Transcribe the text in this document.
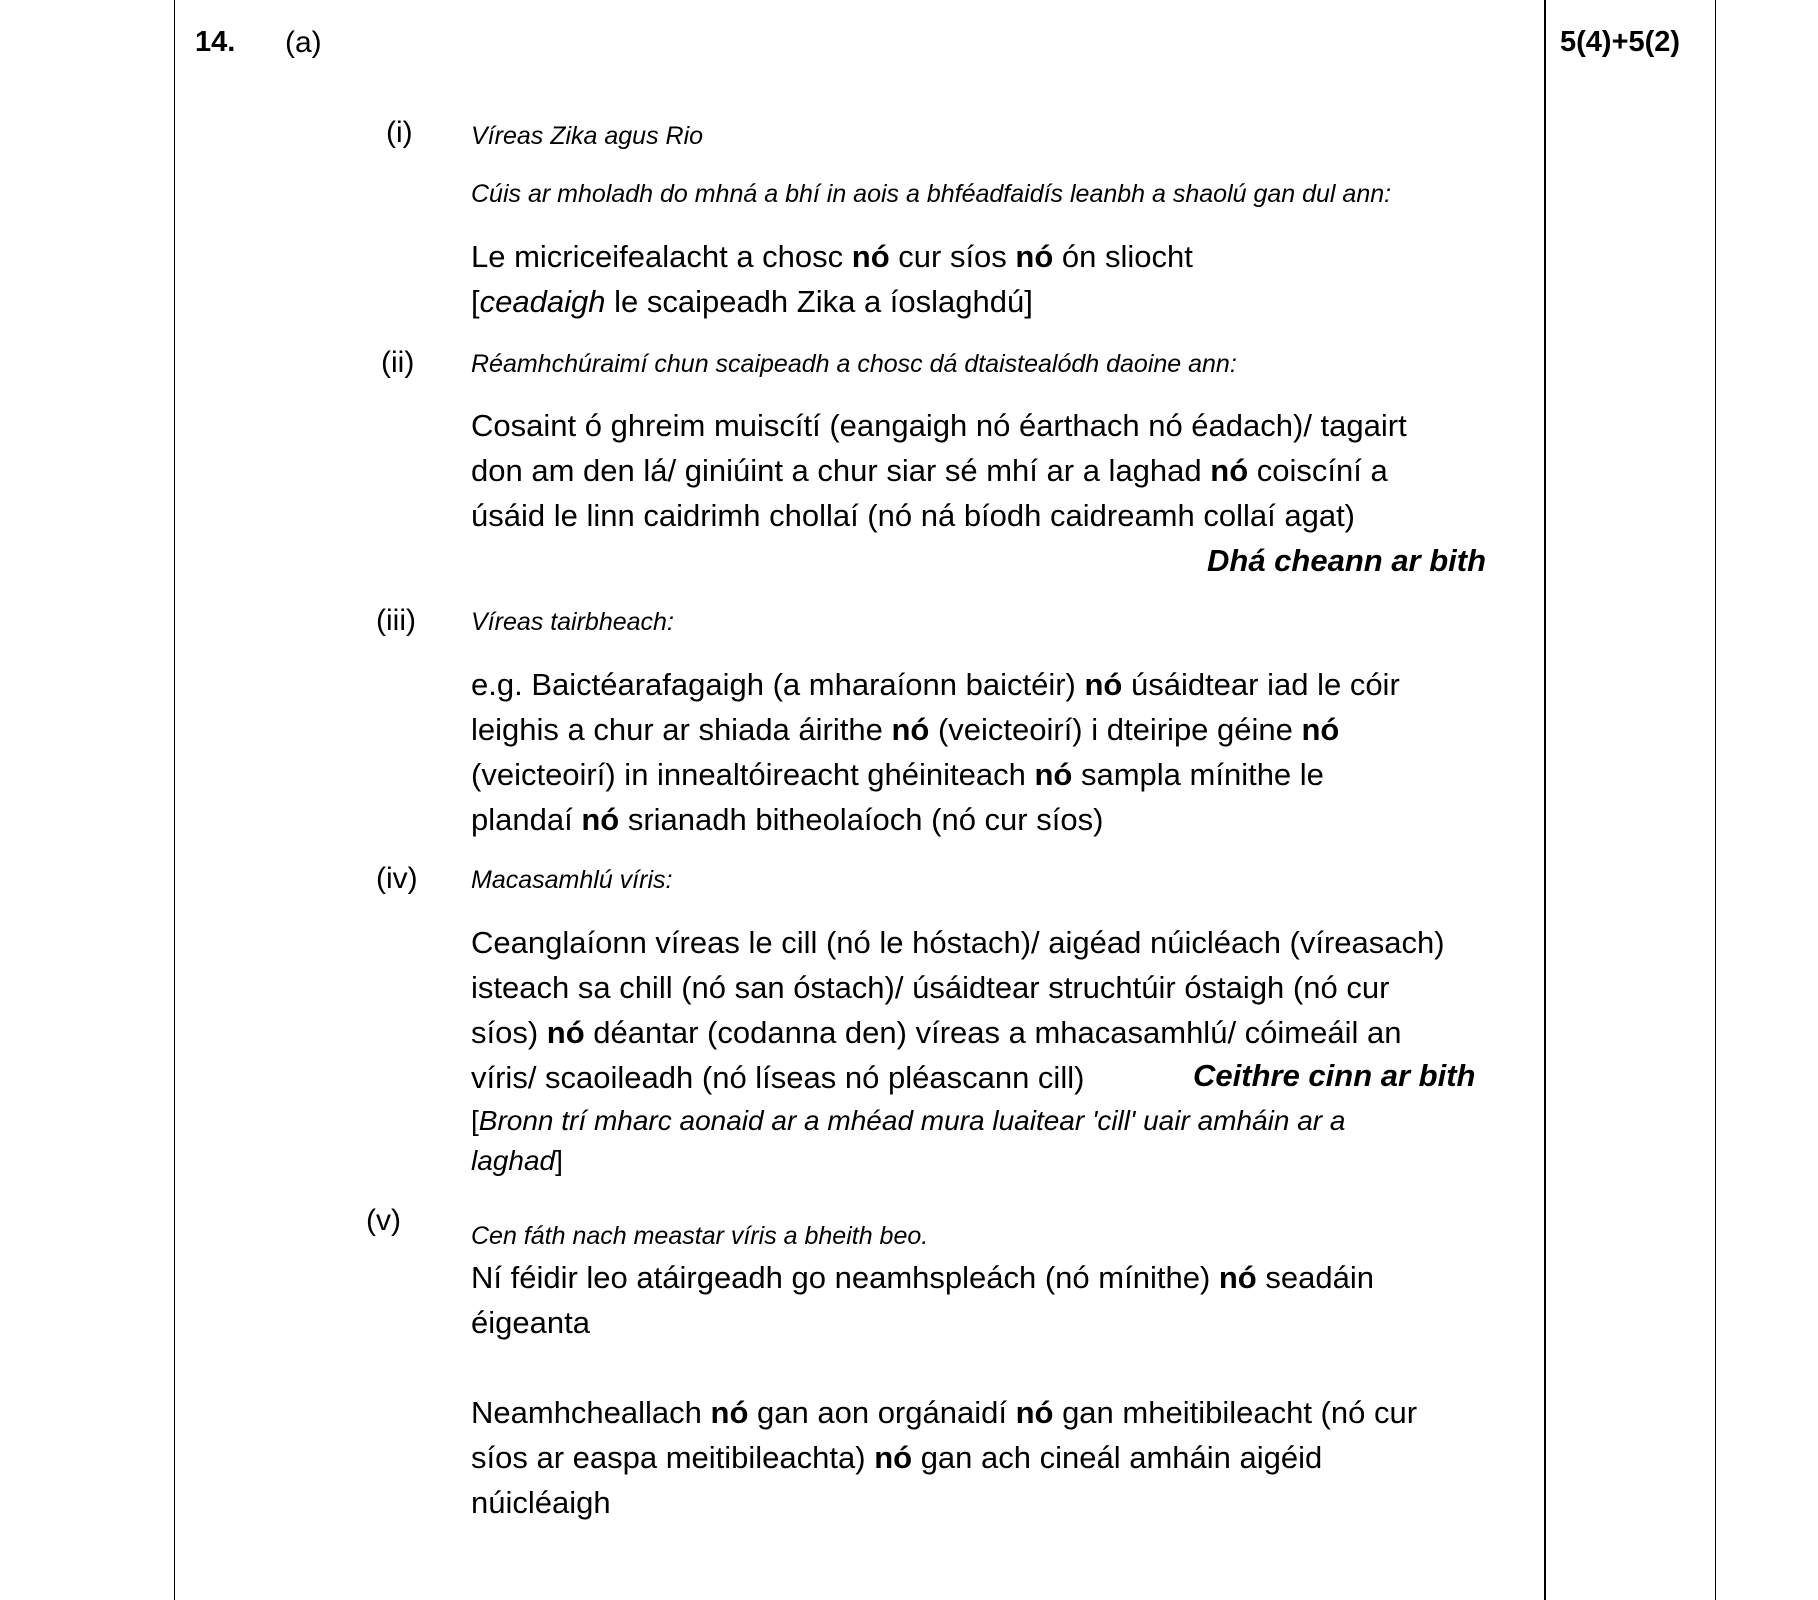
14. (a)	5(4)+5(2)
(i) Víreas Zika agus Rio
Cúis ar mholadh do mhná a bhí in aois a bhféadfaidís leanbh a shaolú gan dul ann:
Le micriceifealacht a chosc nó cur síos nó ón sliocht
[ceadaigh le scaipeadh Zika a íoslaghdú]
(ii) Réamhchúraimí chun scaipeadh a chosc dá dtaistealódh daoine ann:
Cosaint ó ghreim muiscítí (eangaigh nó éarthach nó éadach)/ tagairt
don am den lá/ giniúint a chur siar sé mhí ar a laghad nó coiscíní a
úsáid le linn caidrimh chollaí (nó ná bíodh caidreamh collaí agat)
Dhá cheann ar bith
(iii) Víreas tairbheach:
e.g. Baictéarafagaigh (a mharaíonn baictéir) nó úsáidtear iad le cóir
leighis a chur ar shiada áirithe nó (veicteoirí) i dteiripe géine nó
(veicteoirí) in innealtóireacht ghéiniteach nó sampla mínithe le
plandaí nó srianadh bitheolaíoch (nó cur síos)
(iv) Macasamhlú víris:
Ceanglaíonn víreas le cill (nó le hóstach)/ aigéad núicléach (víreasach)
isteach sa chill (nó san óstach)/ úsáidtear struchtúir óstaigh (nó cur
síos) nó déantar (codanna den) víreas a mhacasamhlú/ cóimeáil an
víris/ scaoileadh (nó líseas nó pléascann cill)	Ceithre cinn ar bith
[Bronn trí mharc aonaid ar a mhéad mura luaitear 'cill' uair amháin ar a
laghad]
(v)	Cen fáth nach meastar víris a bheith beo.
Ní féidir leo atáirgeadh go neamhspleách (nó mínithe) nó seadáin
éigeanta
Neamhcheallach nó gan aon orgánaidí nó gan mheitibileacht (nó cur
síos ar easpa meitibileachta) nó gan ach cineál amháin aigéid
núicléaigh
